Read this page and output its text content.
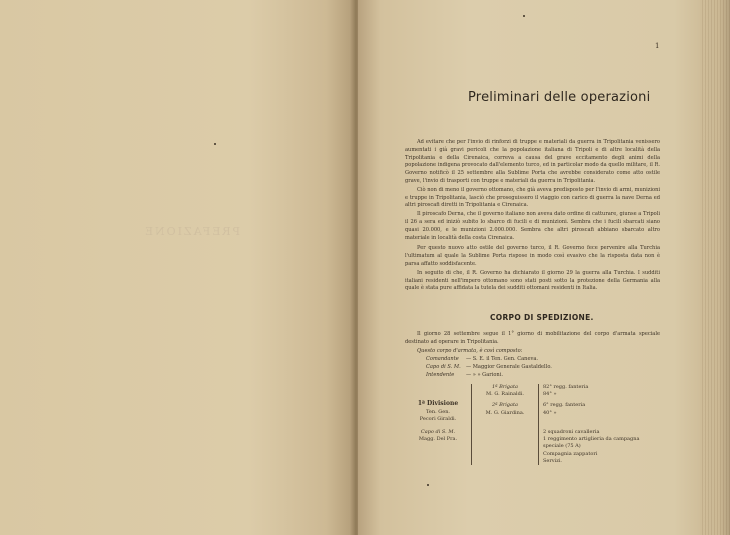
PREFAZIONE
1
Preliminari delle operazioni

Ad evitare che per l'invio di rinforzi di truppe e materiali da guerra in Tripolitania venissero aumentati i già gravi pericoli che la popolazione italiana di Tripoli e di altre località della Tripolitania e della Cirenaica, correva a causa del grave eccitamento degli animi della popolazione indigena provocato dall'elemento turco, ed in particolar modo da quello militare, il R. Governo notificò il 25 settembre alla Sublime Porta che avrebbe considerato come atto ostile grave, l'invio di trasporti con truppe e materiali da guerra in Tripolitania.

Ciò non di meno il governo ottomano, che già aveva predisposto per l'invio di armi, munizioni e truppe in Tripolitania, lasciò che proseguissero il viaggio con carico di guerra la nave Derna ed altri piroscafi diretti in Tripolitania e Cirenaica.

Il piroscafo Derna, che il governo italiano non aveva dato ordine di catturare, giunse a Tripoli il 26 a sera ed iniziò subito lo sbarco di fucili e di munizioni. Sembra che i fucili sbarcati siano quasi 20.000, e le munizioni 2.000.000. Sembra che altri piroscafi abbiano sbarcato altro materiale in località della costa Cirenaica.

Per questo nuovo atto ostile del governo turco, il R. Governo fece pervenire alla Turchia l'ultimatum al quale la Sublime Porta rispose in modo così evasivo che la risposta data non è parsa affatto soddisfacente.

In seguito di che, il R. Governo ha dichiarato il giorno 29 la guerra alla Turchia. I sudditi italiani residenti nell'impero ottomano sono stati posti sotto la protezione della Germania alla quale è stata pure affidata la tutela dei sudditi ottomani residenti in Italia.

CORPO DI SPEDIZIONE.

Il giorno 28 settembre segue il 1° giorno di mobilitazione del corpo d'armata speciale destinato ad operare in Tripolitania.

Questo corpo d'armata, è così composto:

Comandante — S. E. il Ten. Gen. Caneva.
Capo di S. M. — Maggior Generale Gastaldello.
Intendente — » » Garioni.
	1ª Brigata
M. G. Rainaldi.	82° regg. fanteria
84° »
1ª Divisione
Ten. Gen.
Pecori Giraldi.	2ª Brigata
M. G. Giardina.	6° regg. fanteria
40° »
Capo di S. M.
Magg. Del Pra.		2 squadroni cavalleria
1 reggimento artiglieria da campagna speciale (75 A)
Compagnia zappatori
Servizi.
